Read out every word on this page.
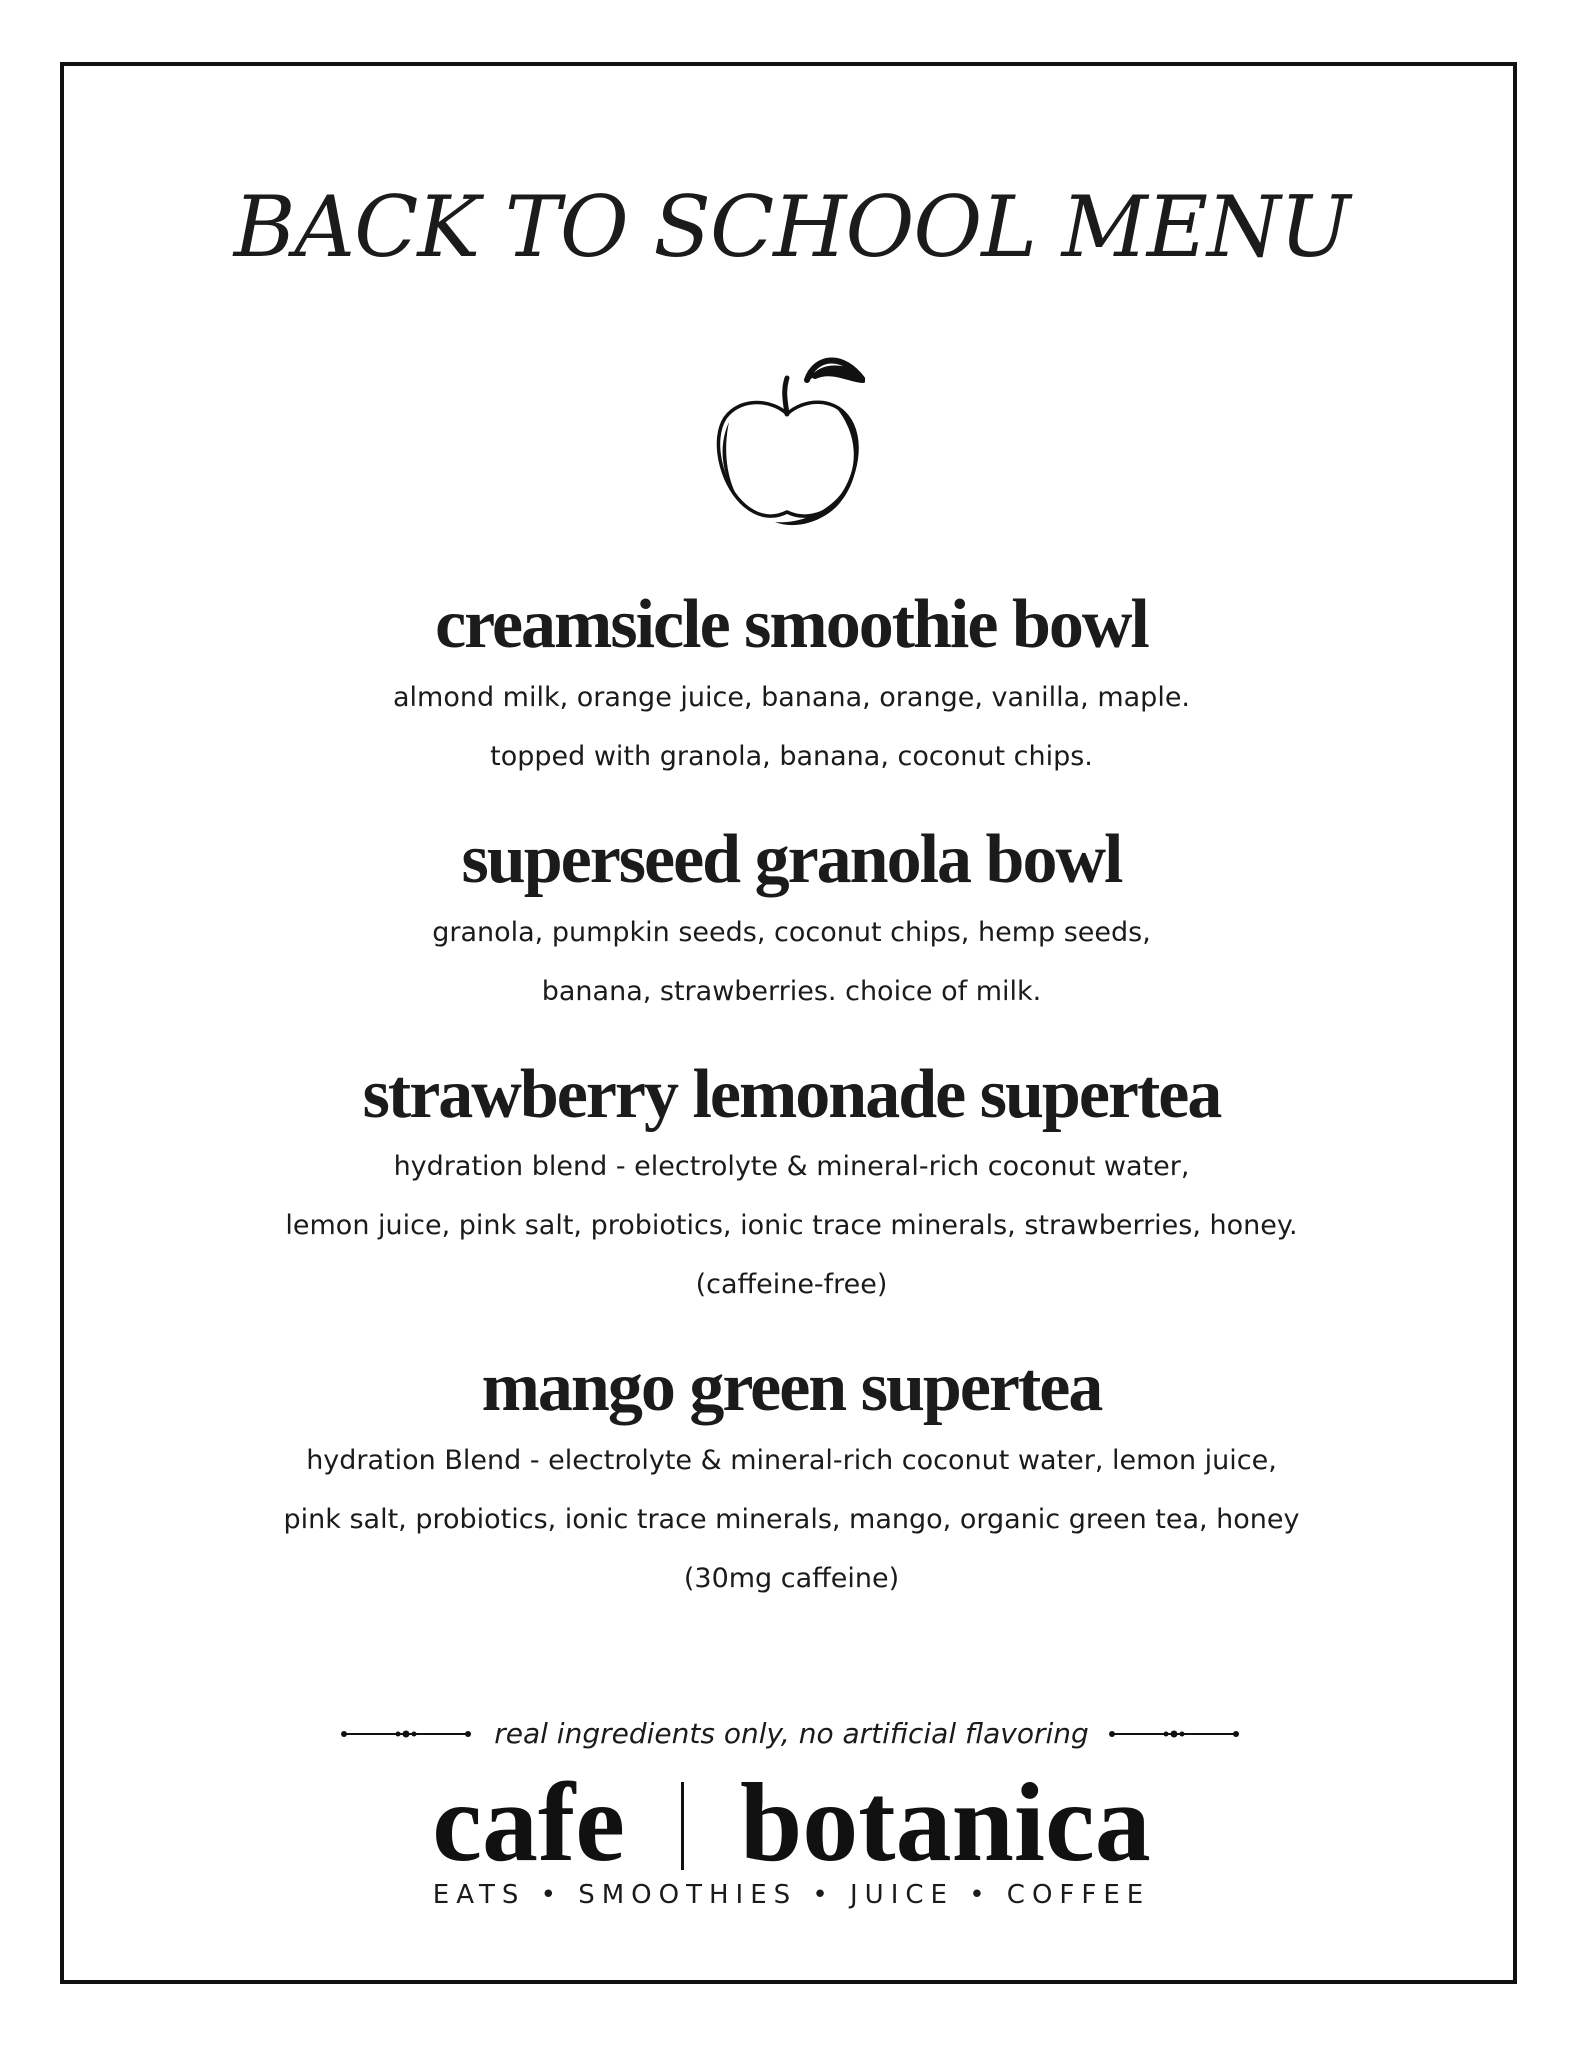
BACK TO SCHOOL MENU
creamsicle smoothie bowl
almond milk, orange juice, banana, orange, vanilla, maple.
topped with granola, banana, coconut chips.
superseed granola bowl
granola, pumpkin seeds, coconut chips, hemp seeds,
banana, strawberries. choice of milk.
strawberry lemonade supertea
hydration blend - electrolyte & mineral-rich coconut water,
lemon juice, pink salt, probiotics, ionic trace minerals, strawberries, honey.
(caffeine-free)
mango green supertea
hydration Blend - electrolyte & mineral-rich coconut water, lemon juice,
pink salt, probiotics, ionic trace minerals, mango, organic green tea, honey
(30mg caffeine)
real ingredients only, no artificial flavoring
cafe botanica
EATS • SMOOTHIES • JUICE • COFFEE
